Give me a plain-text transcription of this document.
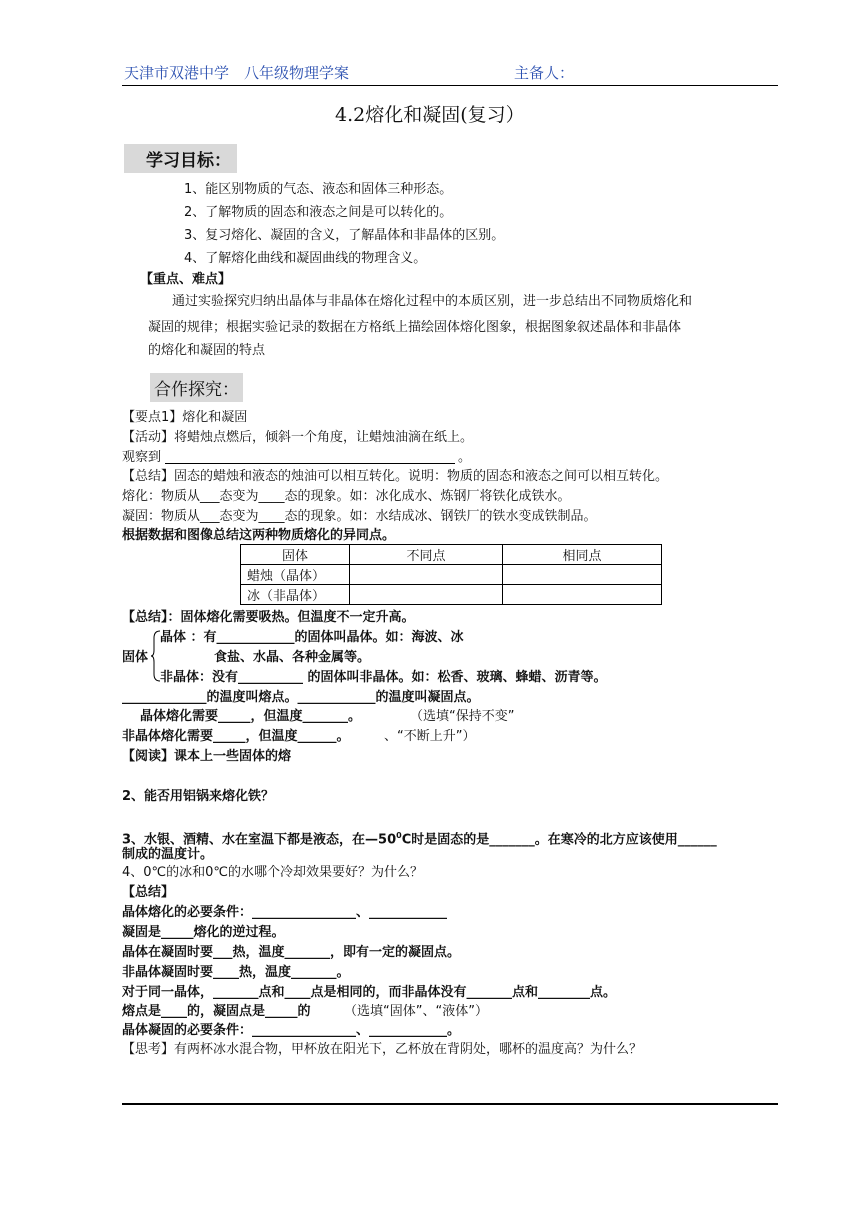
天津市双港中学　八年级物理学案	主备人：
4.2熔化和凝固(复习）
学习目标：
1、能区别物质的气态、液态和固体三种形态。
2、了解物质的固态和液态之间是可以转化的。
3、复习熔化、凝固的含义，了解晶体和非晶体的区别。
4、了解熔化曲线和凝固曲线的物理含义。
【重点、难点】
通过实验探究归纳出晶体与非晶体在熔化过程中的本质区别，进一步总结出不同物质熔化和
凝固的规律；根据实验记录的数据在方格纸上描绘固体熔化图象，根据图象叙述晶体和非晶体
的熔化和凝固的特点
合作探究：
【要点1】熔化和凝固
【活动】将蜡烛点燃后，倾斜一个角度，让蜡烛油滴在纸上。
观察到	。
【总结】固态的蜡烛和液态的烛油可以相互转化。说明：物质的固态和液态之间可以相互转化。
熔化：物质从___态变为____态的现象。如：冰化成水、炼钢厂将铁化成铁水。
凝固：物质从___态变为____态的现象。如：水结成冰、钢铁厂的铁水变成铁制品。
根据数据和图像总结这两种物质熔化的异同点。
固体	不同点	相同点
蜡烛（晶体）		
冰（非晶体）		
【总结】：固体熔化需要吸热。但温度不一定升高。
晶体 ：有____________的固体叫晶体。如：海波、冰
食盐、水晶、各种金属等。
固体
非晶体：没有__________ 的固体叫非晶体。如：松香、玻璃、蜂蜡、沥青等。
_____________的温度叫熔点。____________的温度叫凝固点。
晶体熔化需要_____，但温度_______。	（选填“保持不变”
非晶体熔化需要_____，但温度______。	、“不断上升”）
【阅读】课本上一些固体的熔
2、能否用铝锅来熔化铁？
3、水银、酒精、水在室温下都是液态，在$—50^0C$时是固态的是_______。在寒冷的北方应该使用______
制成的温度计。
4、0℃的冰和0℃的水哪个冷却效果要好？为什么？
【总结】
晶体熔化的必要条件：________________、____________
凝固是_____熔化的逆过程。
晶体在凝固时要___热，温度_______，即有一定的凝固点。
非晶体凝固时要____热，温度_______。
对于同一晶体，_______点和____点是相同的，而非晶体没有_______点和________点。
熔点是____的，凝固点是_____的	（选填“固体”、“液体”）
晶体凝固的必要条件：________________、____________。
【思考】有两杯冰水混合物，甲杯放在阳光下，乙杯放在背阴处，哪杯的温度高？为什么？
